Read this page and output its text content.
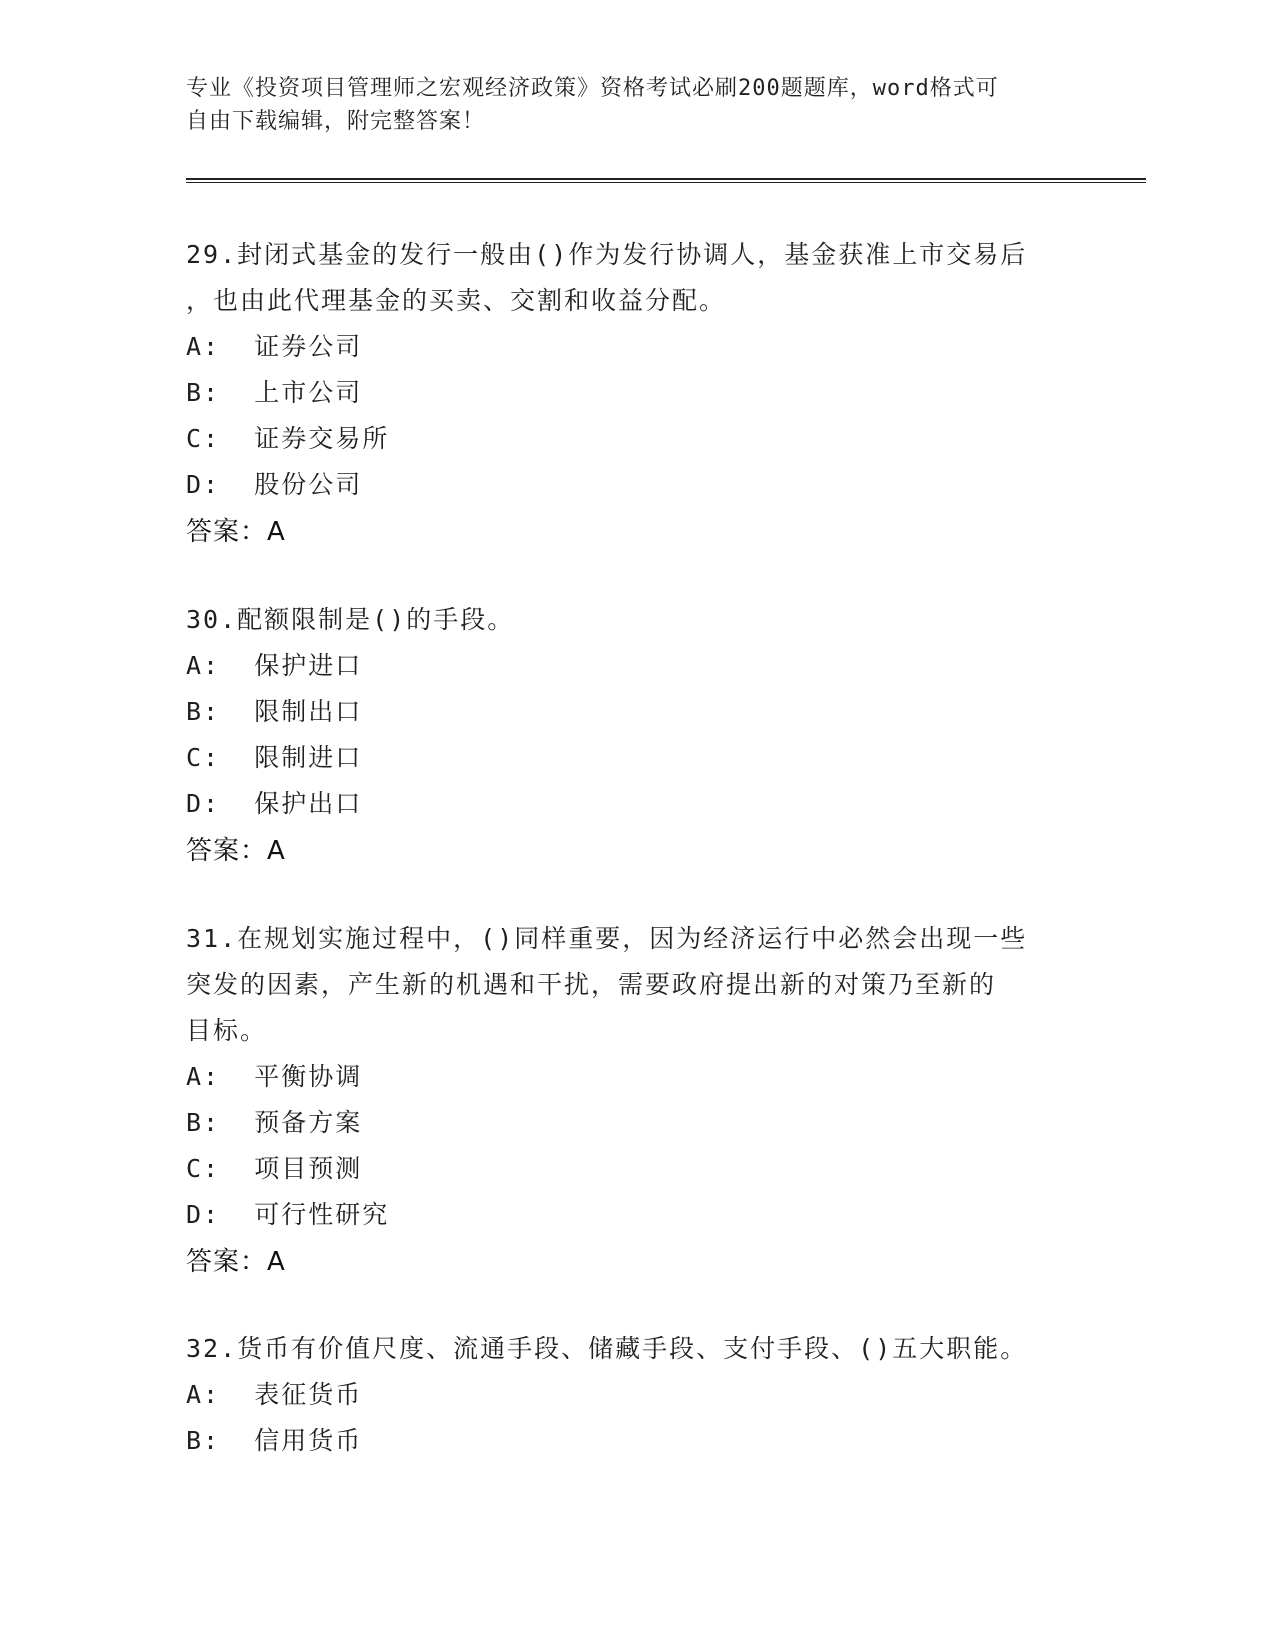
专业《投资项目管理师之宏观经济政策》资格考试必刷200题题库，word格式可
自由下载编辑，附完整答案！
29.封闭式基金的发行一般由()作为发行协调人，基金获准上市交易后
，也由此代理基金的买卖、交割和收益分配。
A:  证券公司
B:  上市公司
C:  证券交易所
D:  股份公司
答案：A
30.配额限制是()的手段。
A:  保护进口
B:  限制出口
C:  限制进口
D:  保护出口
答案：A
31.在规划实施过程中，()同样重要，因为经济运行中必然会出现一些
突发的因素，产生新的机遇和干扰，需要政府提出新的对策乃至新的
目标。
A:  平衡协调
B:  预备方案
C:  项目预测
D:  可行性研究
答案：A
32.货币有价值尺度、流通手段、储藏手段、支付手段、()五大职能。
A:  表征货币
B:  信用货币
